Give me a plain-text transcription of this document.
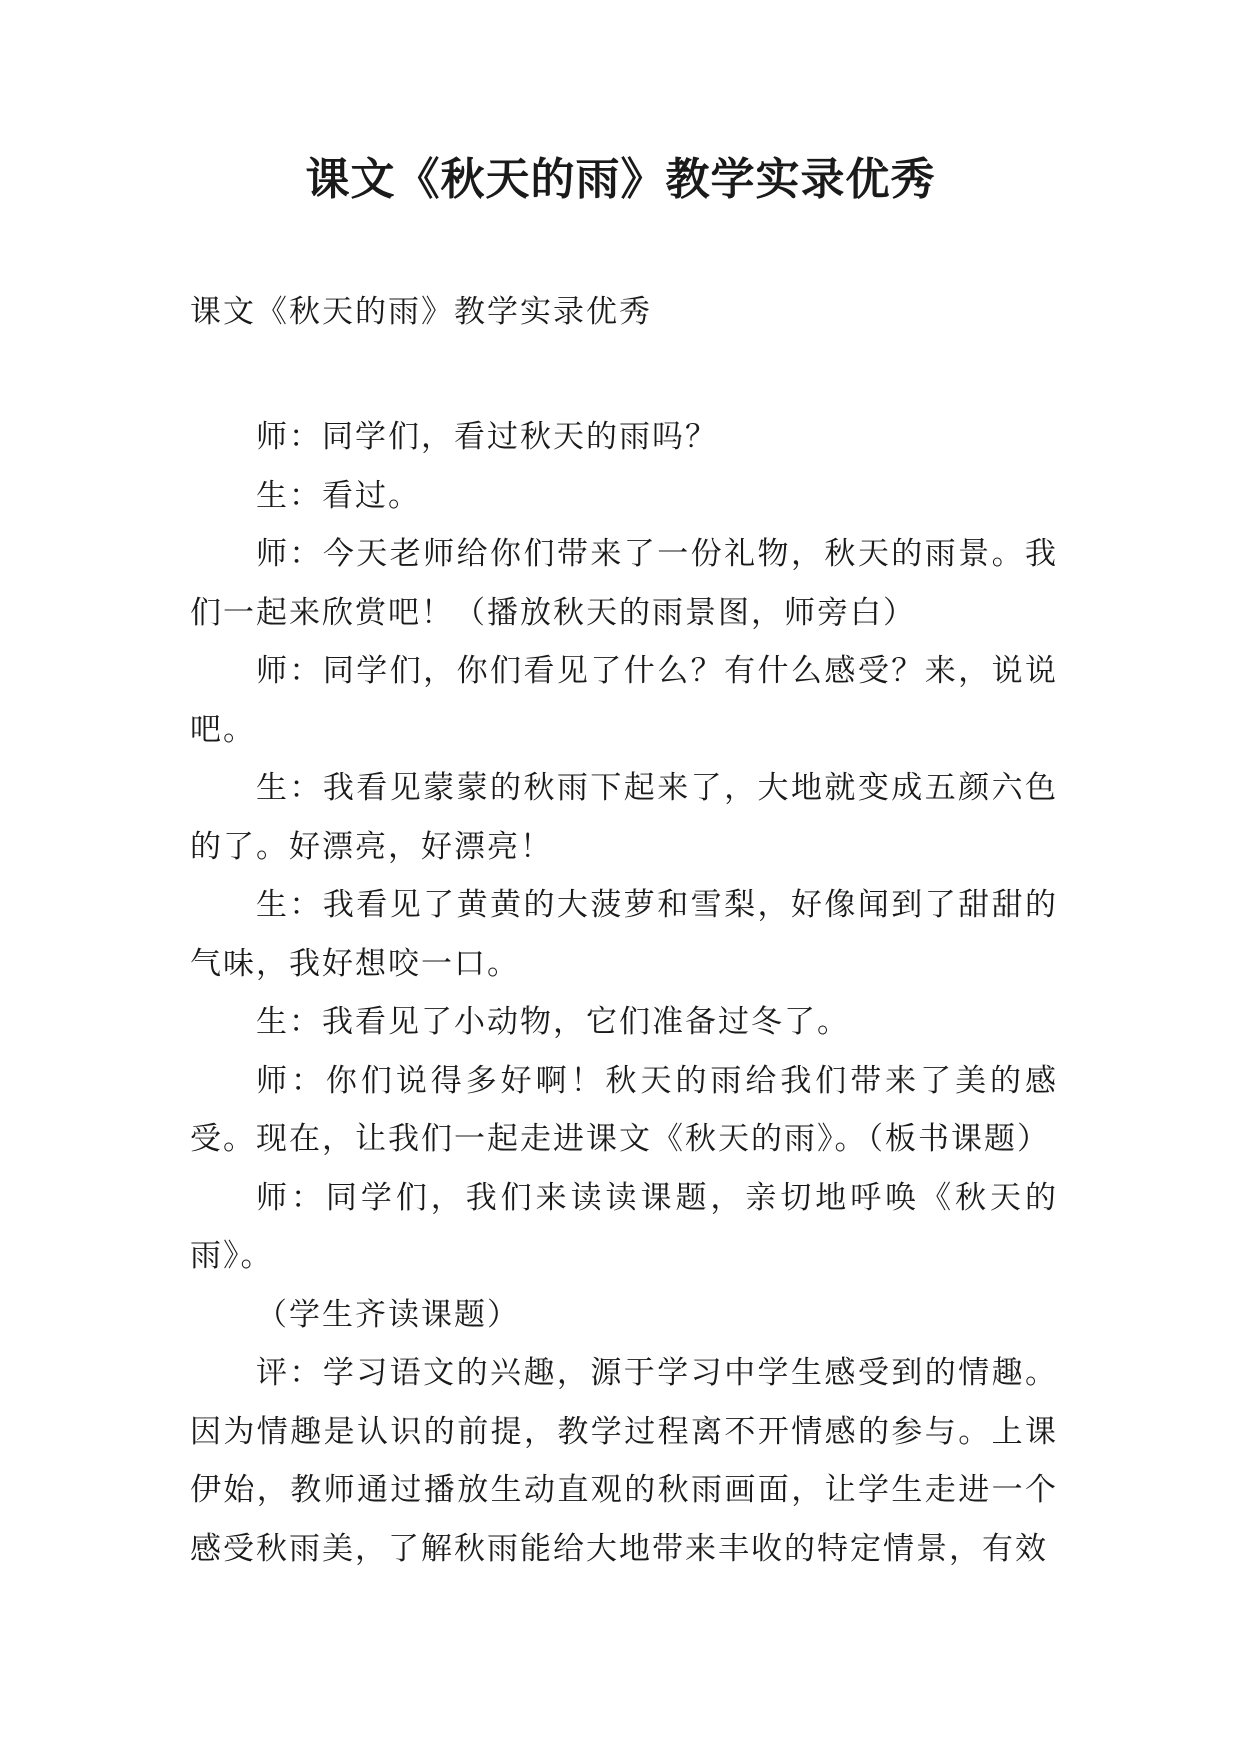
课文《秋天的雨》教学实录优秀

课文《秋天的雨》教学实录优秀

师：同学们，看过秋天的雨吗？

生：看过。

师：今天老师给你们带来了一份礼物，秋天的雨景。我们一起来欣赏吧！（播放秋天的雨景图，师旁白）

师：同学们，你们看见了什么？有什么感受？来，说说吧。

生：我看见蒙蒙的秋雨下起来了，大地就变成五颜六色的了。好漂亮，好漂亮！

生：我看见了黄黄的大菠萝和雪梨，好像闻到了甜甜的气味，我好想咬一口。

生：我看见了小动物，它们准备过冬了。

师：你们说得多好啊！秋天的雨给我们带来了美的感受。现在，让我们一起走进课文《秋天的雨》。（板书课题）

师：同学们，我们来读读课题，亲切地呼唤《秋天的雨》。

（学生齐读课题）

评：学习语文的兴趣，源于学习中学生感受到的情趣。因为情趣是认识的前提，教学过程离不开情感的参与。上课伊始，教师通过播放生动直观的秋雨画面，让学生走进一个感受秋雨美，了解秋雨能给大地带来丰收的特定情景，有效
